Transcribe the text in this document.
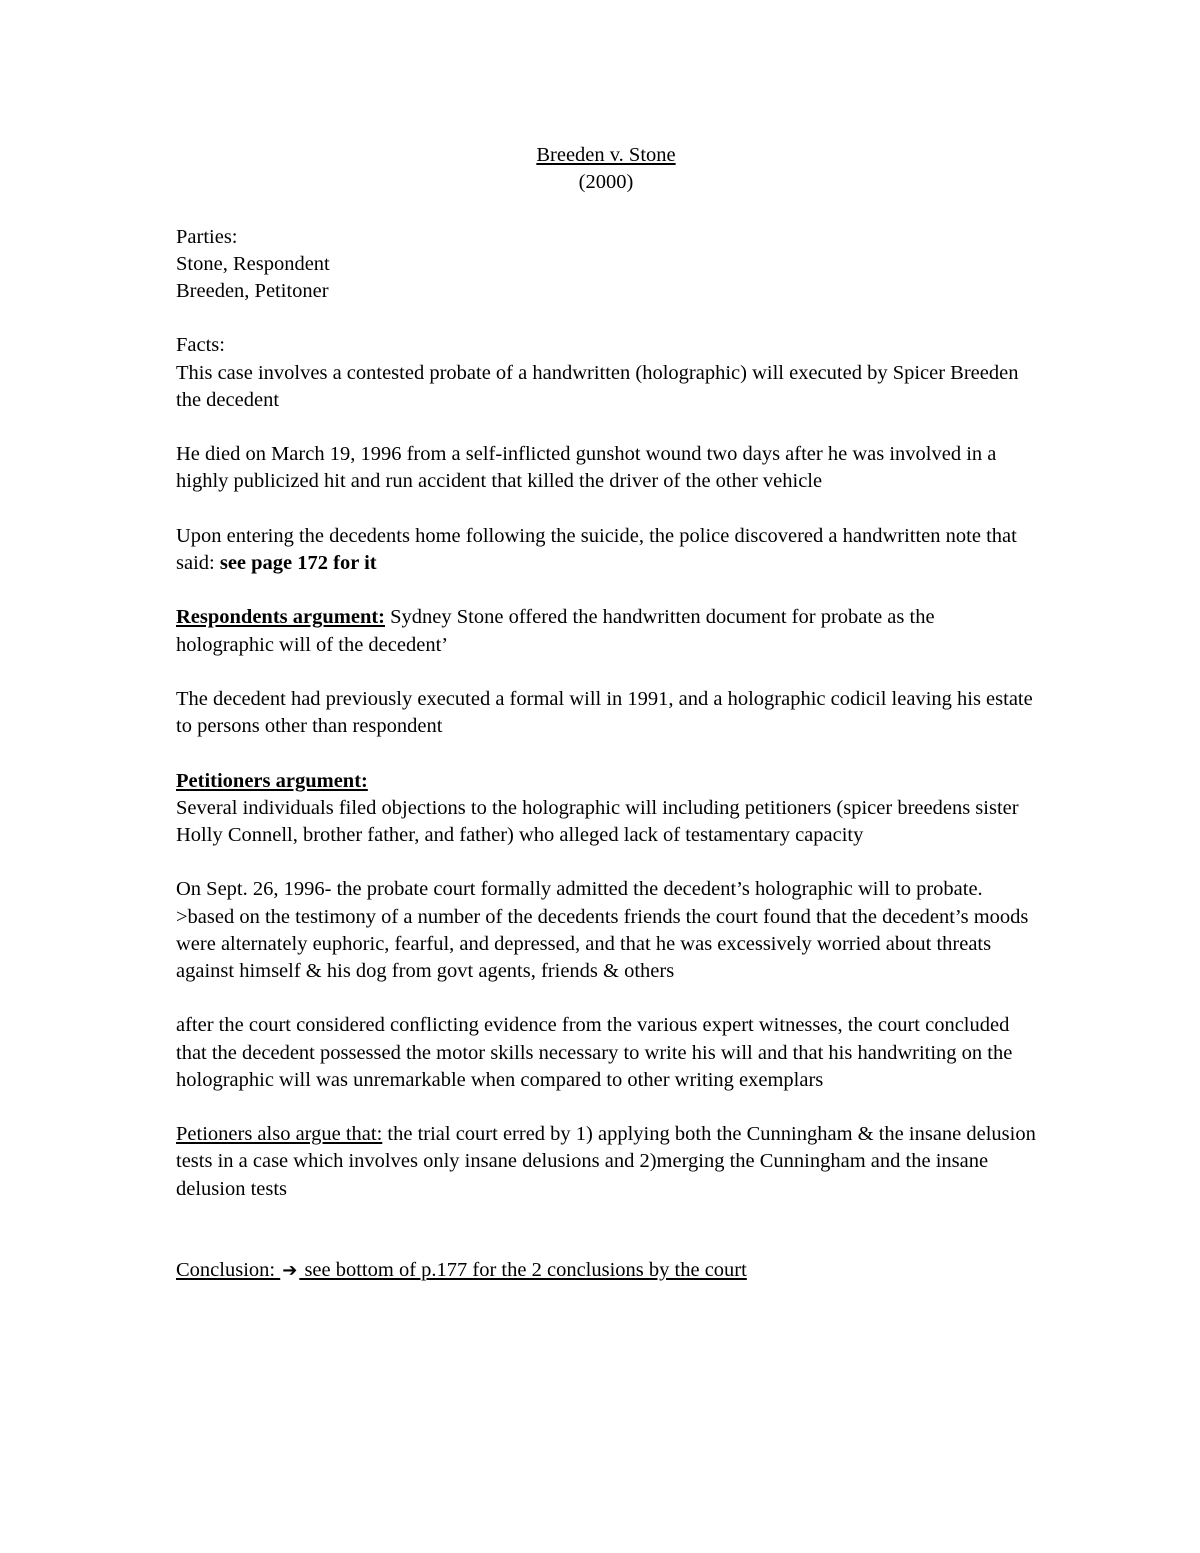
Breeden v. Stone

(2000)

Parties:

Stone, Respondent

Breeden, Petitoner

Facts:

This case involves a contested probate of a handwritten (holographic) will executed by Spicer Breeden the decedent

He died on March 19, 1996 from a self-inflicted gunshot wound two days after he was involved in a highly publicized hit and run accident that killed the driver of the other vehicle

Upon entering the decedents home following the suicide, the police discovered a handwritten note that said: see page 172 for it

Respondents argument: Sydney Stone offered the handwritten document for probate as the holographic will of the decedent’

The decedent had previously executed a formal will in 1991, and a holographic codicil leaving his estate to persons other than respondent

Petitioners argument:

Several individuals filed objections to the holographic will including petitioners (spicer breedens sister Holly Connell, brother father, and father) who alleged lack of testamentary capacity

On Sept. 26, 1996- the probate court formally admitted the decedent’s holographic will to probate.

>based on the testimony of a number of the decedents friends the court found that the decedent’s moods were alternately euphoric, fearful, and depressed, and that he was excessively worried about threats against himself & his dog from govt agents, friends & others

after the court considered conflicting evidence from the various expert witnesses, the court concluded that the decedent possessed the motor skills necessary to write his will and that his handwriting on the holographic will was unremarkable when compared to other writing exemplars

Petioners also argue that: the trial court erred by 1) applying both the Cunningham & the insane delusion tests in a case which involves only insane delusions and 2)merging the Cunningham and the insane delusion tests

Conclusion: ➔ see bottom of p.177 for the 2 conclusions by the court
